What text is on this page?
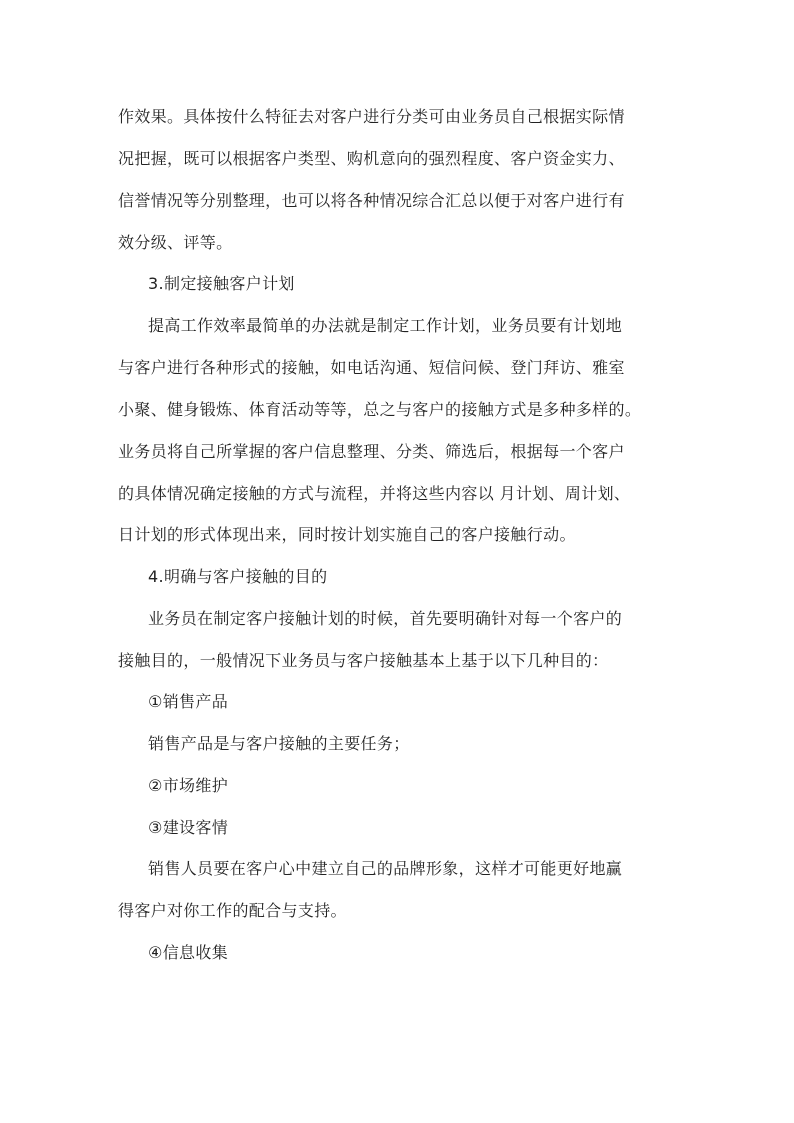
作效果。具体按什么特征去对客户进行分类可由业务员自己根据实际情
况把握，既可以根据客户类型、购机意向的强烈程度、客户资金实力、
信誉情况等分别整理，也可以将各种情况综合汇总以便于对客户进行有
效分级、评等。
3.制定接触客户计划
提高工作效率最简单的办法就是制定工作计划，业务员要有计划地
与客户进行各种形式的接触，如电话沟通、短信问候、登门拜访、雅室
小聚、健身锻炼、体育活动等等，总之与客户的接触方式是多种多样的。
业务员将自己所掌握的客户信息整理、分类、筛选后，根据每一个客户
的具体情况确定接触的方式与流程，并将这些内容以 月计划、周计划、
日计划的形式体现出来，同时按计划实施自己的客户接触行动。
4.明确与客户接触的目的
业务员在制定客户接触计划的时候，首先要明确针对每一个客户的
接触目的，一般情况下业务员与客户接触基本上基于以下几种目的：
①销售产品
销售产品是与客户接触的主要任务；
②市场维护
③建设客情
销售人员要在客户心中建立自己的品牌形象，这样才可能更好地赢
得客户对你工作的配合与支持。
④信息收集
